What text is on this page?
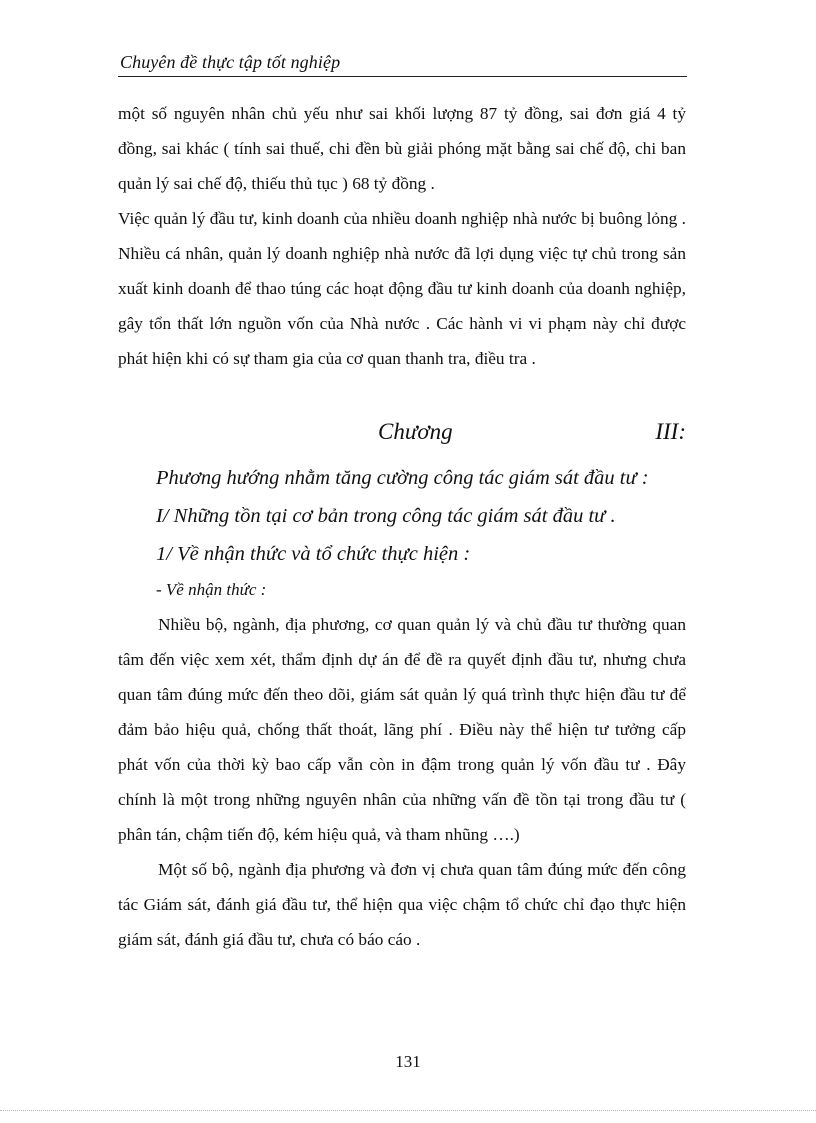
Chuyên đề thực tập tốt nghiệp

một số nguyên nhân chủ yếu như sai khối lượng 87 tỷ đồng, sai đơn giá 4 tỷ đồng, sai khác ( tính sai thuế, chi đền bù giải phóng mặt bằng sai chế độ, chi ban quản lý sai chế độ, thiếu thủ tục ) 68 tỷ đồng .

Việc quản lý đầu tư, kinh doanh của nhiều doanh nghiệp nhà nước bị buông lỏng . Nhiều cá nhân, quản lý doanh nghiệp nhà nước đã lợi dụng việc tự chủ trong sản xuất kinh doanh để thao túng các hoạt động đầu tư kinh doanh của doanh nghiệp, gây tổn thất lớn nguồn vốn của Nhà nước . Các hành vi vi phạm này chỉ được phát hiện khi có sự tham gia của cơ quan thanh tra, điều tra .

Chương	III:

Phương hướng nhằm tăng cường công tác giám sát đầu tư :

I/ Những tồn tại cơ bản trong công tác giám sát đầu tư .

1/ Về nhận thức và tổ chức thực hiện :

- Về nhận thức :

Nhiều bộ, ngành, địa phương, cơ quan quản lý và chủ đầu tư thường quan tâm đến việc xem xét, thẩm định dự án để đề ra quyết định đầu tư, nhưng chưa quan tâm đúng mức đến theo dõi, giám sát quản lý quá trình thực hiện đầu tư để đảm bảo hiệu quả, chống thất thoát, lãng phí . Điều này thể hiện tư tưởng cấp phát vốn của thời kỳ bao cấp vẫn còn in đậm trong quản lý vốn đầu tư . Đây chính là một trong những nguyên nhân của những vấn đề tồn tại trong đầu tư ( phân tán, chậm tiến độ, kém hiệu quả, và tham nhũng ….)

Một số bộ, ngành địa phương và đơn vị chưa quan tâm đúng mức đến công tác Giám sát, đánh giá đầu tư, thể hiện qua việc chậm tổ chức chỉ đạo thực hiện giám sát, đánh giá đầu tư, chưa có báo cáo .

131
